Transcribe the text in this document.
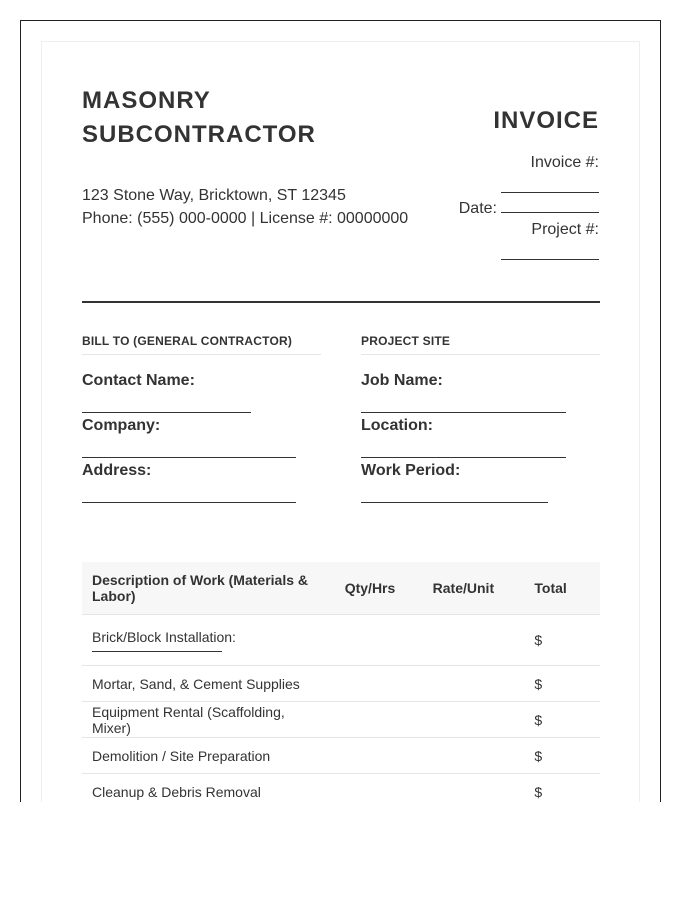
MASONRY SUBCONTRACTOR
123 Stone Way, Bricktown, ST 12345
Phone: (555) 000-0000 | License #: 00000000
INVOICE
Invoice #:
Date:
Project #:
BILL TO (GENERAL CONTRACTOR)
Contact Name:
Company:
Address:
PROJECT SITE
Job Name:
Location:
Work Period:
Description of Work (Materials & Labor)	Qty/Hrs	Rate/Unit	Total
Brick/Block Installation:			$
Mortar, Sand, & Cement Supplies			$
Equipment Rental (Scaffolding, Mixer)			$
Demolition / Site Preparation			$
Cleanup & Debris Removal			$
